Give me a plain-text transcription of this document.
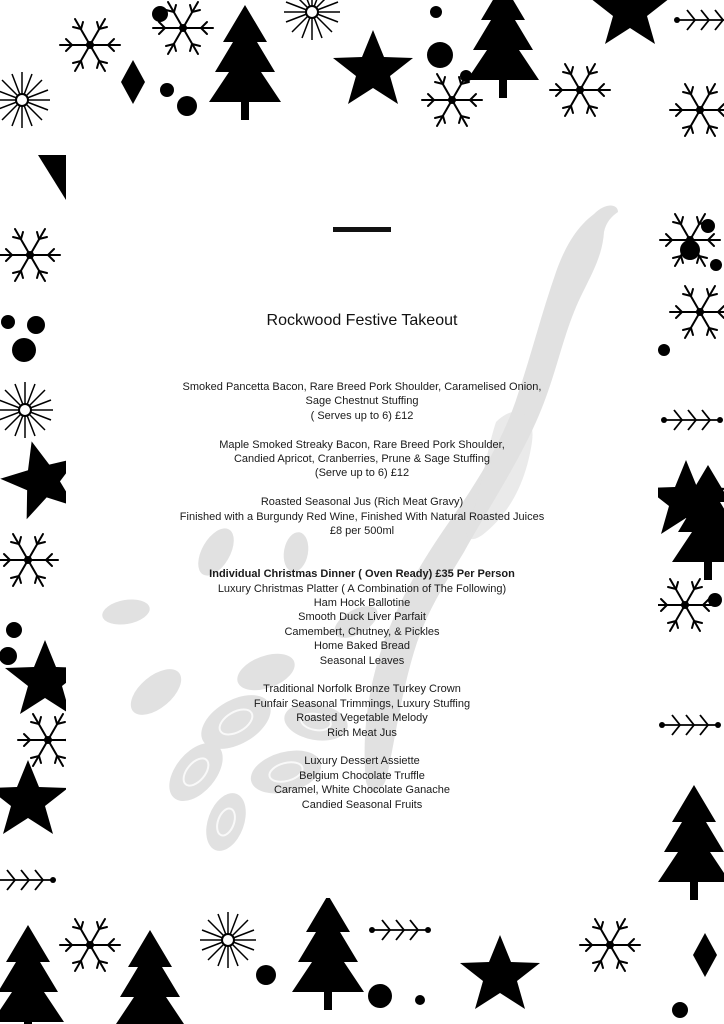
Rockwood Festive Takeout
Smoked Pancetta Bacon, Rare Breed Pork Shoulder, Caramelised Onion,
Sage Chestnut Stuffing
( Serves up to 6) £12
Maple Smoked Streaky Bacon, Rare Breed Pork Shoulder,
Candied Apricot, Cranberries, Prune & Sage Stuffing
(Serve up to 6) £12
Roasted Seasonal Jus (Rich Meat Gravy)
Finished with a Burgundy Red Wine, Finished With Natural Roasted Juices
£8 per 500ml
Individual Christmas Dinner ( Oven Ready) £35 Per Person
Luxury Christmas Platter ( A Combination of The Following)
Ham Hock Ballotine
Smooth Duck Liver Parfait
Camembert, Chutney, & Pickles
Home Baked Bread
Seasonal Leaves
Traditional Norfolk Bronze Turkey Crown
Funfair Seasonal Trimmings, Luxury Stuffing
Roasted Vegetable Melody
Rich Meat Jus
Luxury Dessert Assiette
Belgium Chocolate Truffle
Caramel, White Chocolate Ganache
Candied Seasonal Fruits
